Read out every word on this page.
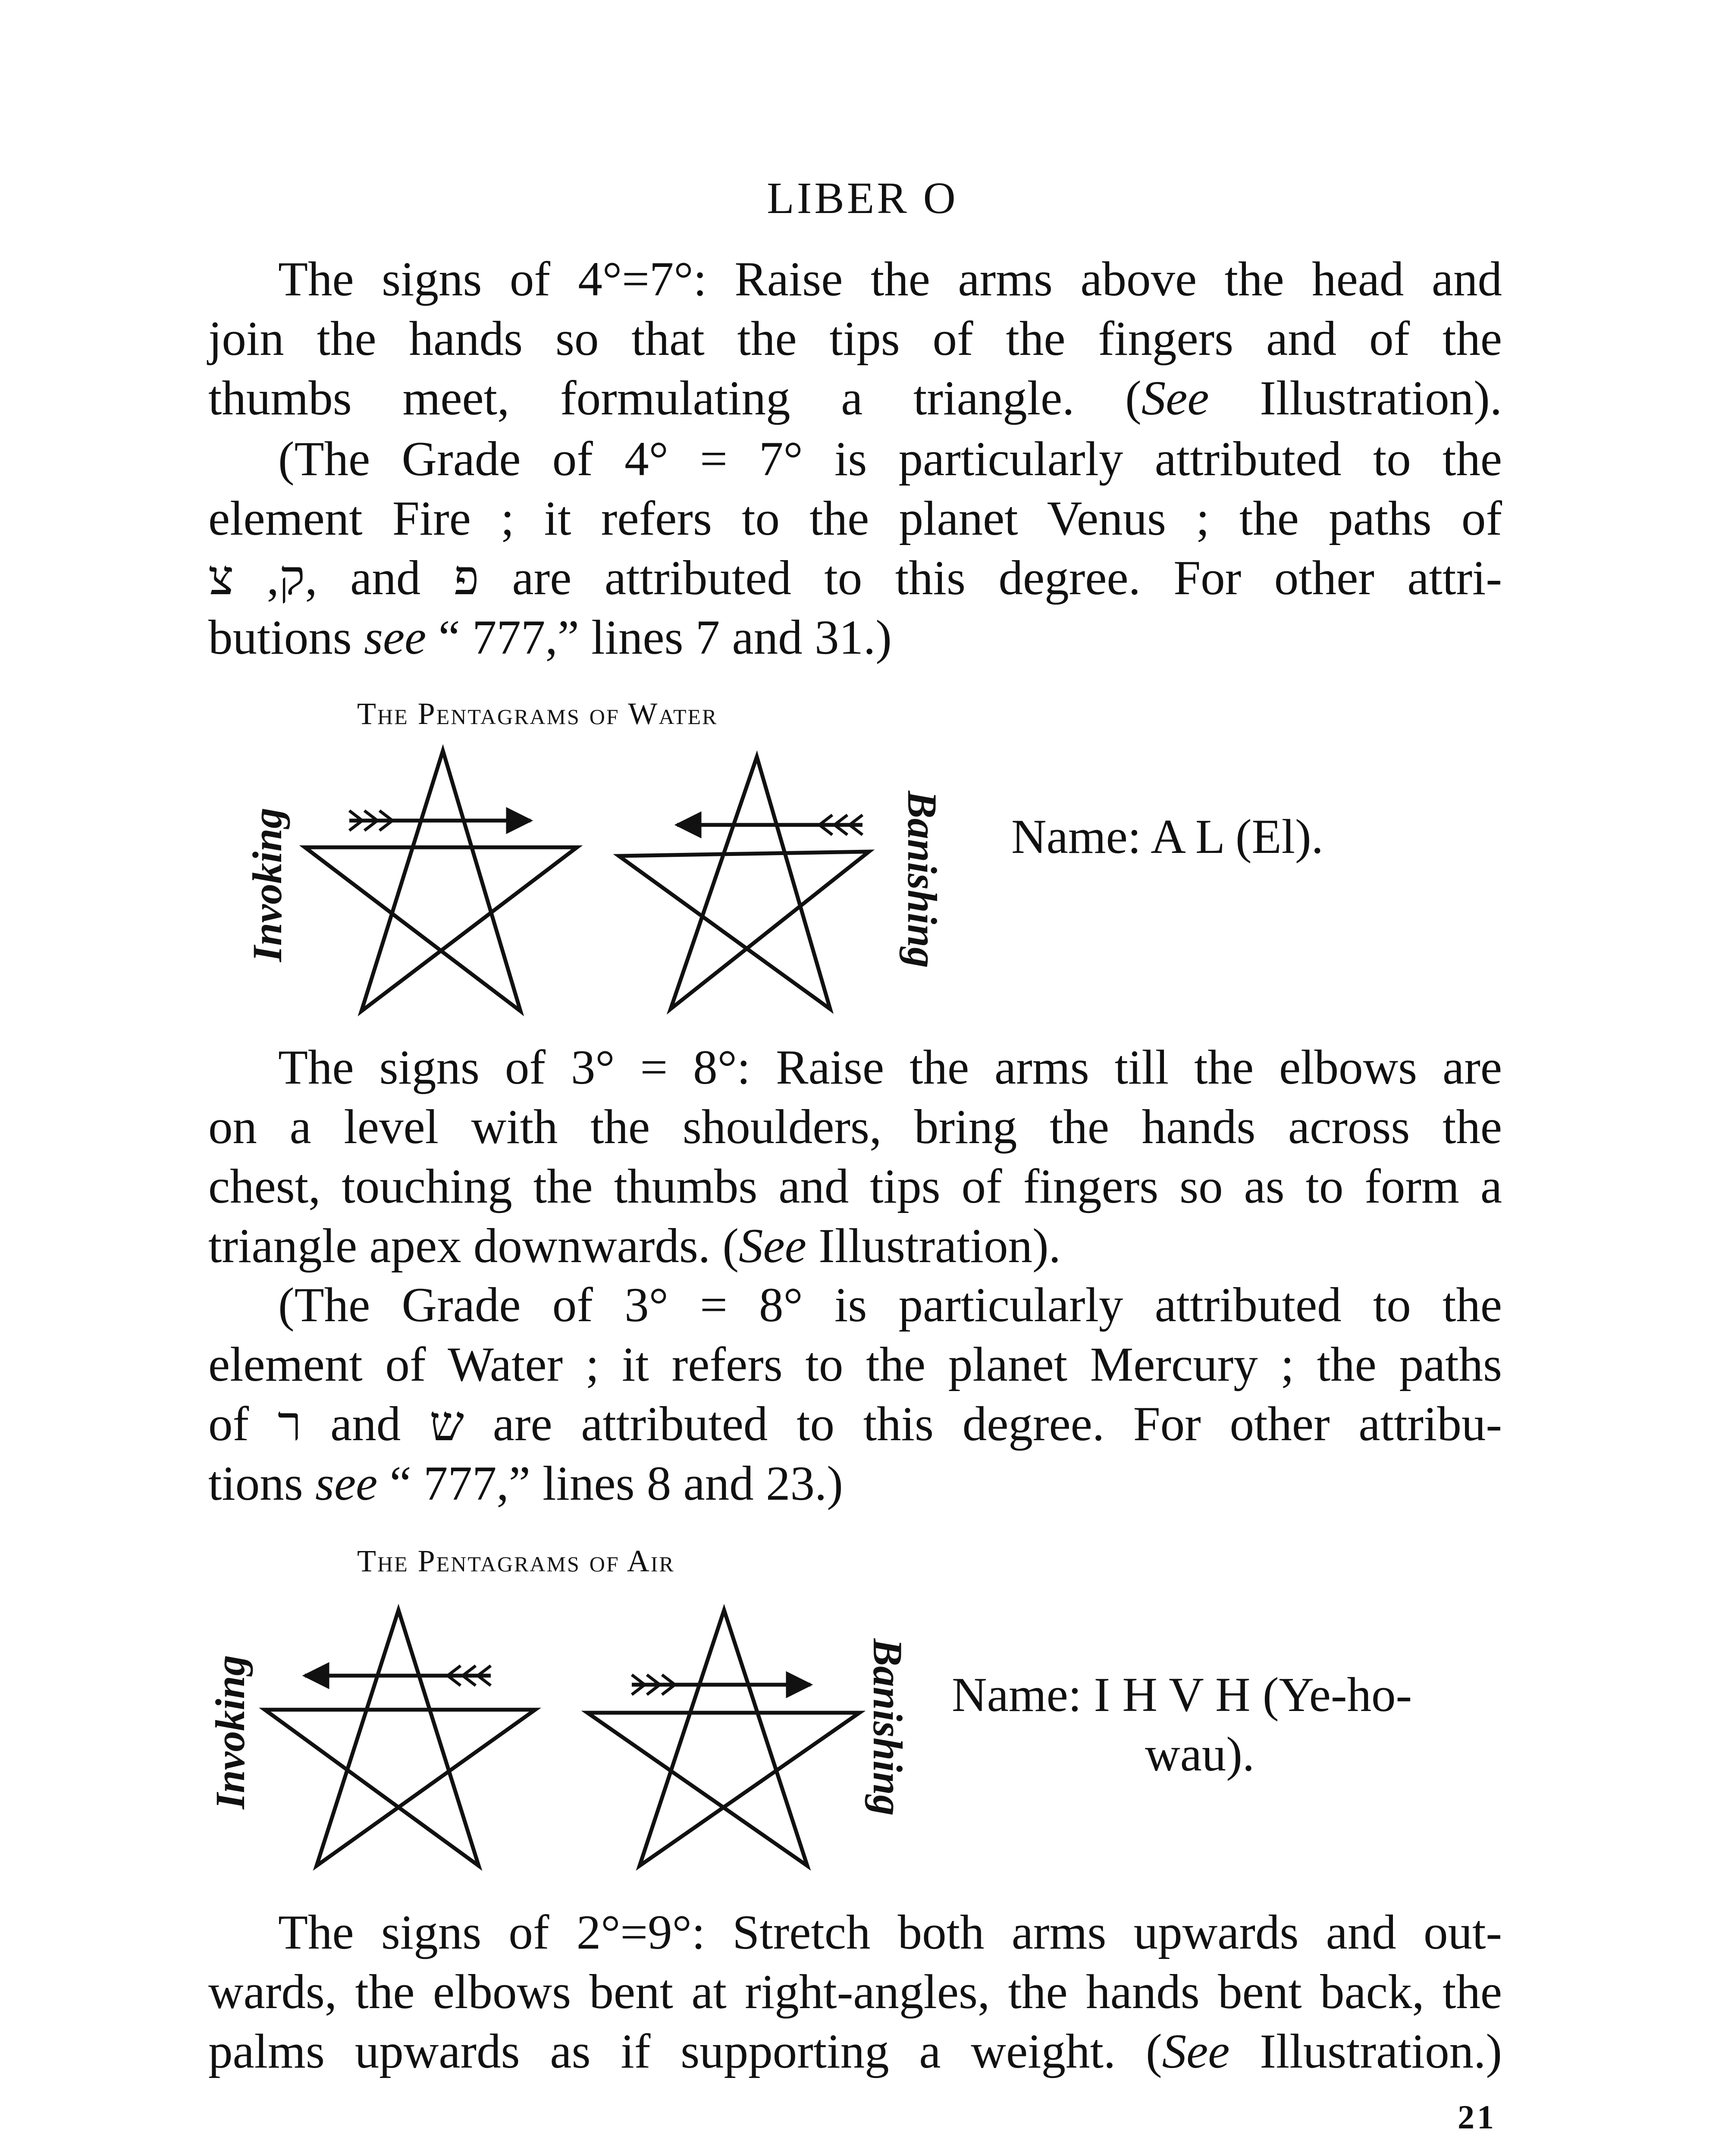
LIBER O
The signs of 4°=7°: Raise the arms above the head and
join the hands so that the tips of the fingers and of the
thumbs meet, formulating a triangle. (See Illustration).
(The Grade of 4° = 7° is particularly attributed to the
element Fire ; it refers to the planet Venus ; the paths of
ק, צ, and פ are attributed to this degree. For other attri-
butions see “ 777,” lines 7 and 31.)
The signs of 3° = 8°: Raise the arms till the elbows are
on a level with the shoulders, bring the hands across the
chest, touching the thumbs and tips of fingers so as to form a
triangle apex downwards. (See Illustration).
(The Grade of 3° = 8° is particularly attributed to the
element of Water ; it refers to the planet Mercury ; the paths
of ר and ש are attributed to this degree. For other attribu-
tions see “ 777,” lines 8 and 23.)
The signs of 2°=9°: Stretch both arms upwards and out-
wards, the elbows bent at right-angles, the hands bent back, the
palms upwards as if supporting a weight. (See Illustration.)
The Pentagrams of Water
Invoking	Banishing Name: A L (El).
The Pentagrams of Air
Invoking	Banishing Name: I H V H (Ye-ho-
wau).
21
